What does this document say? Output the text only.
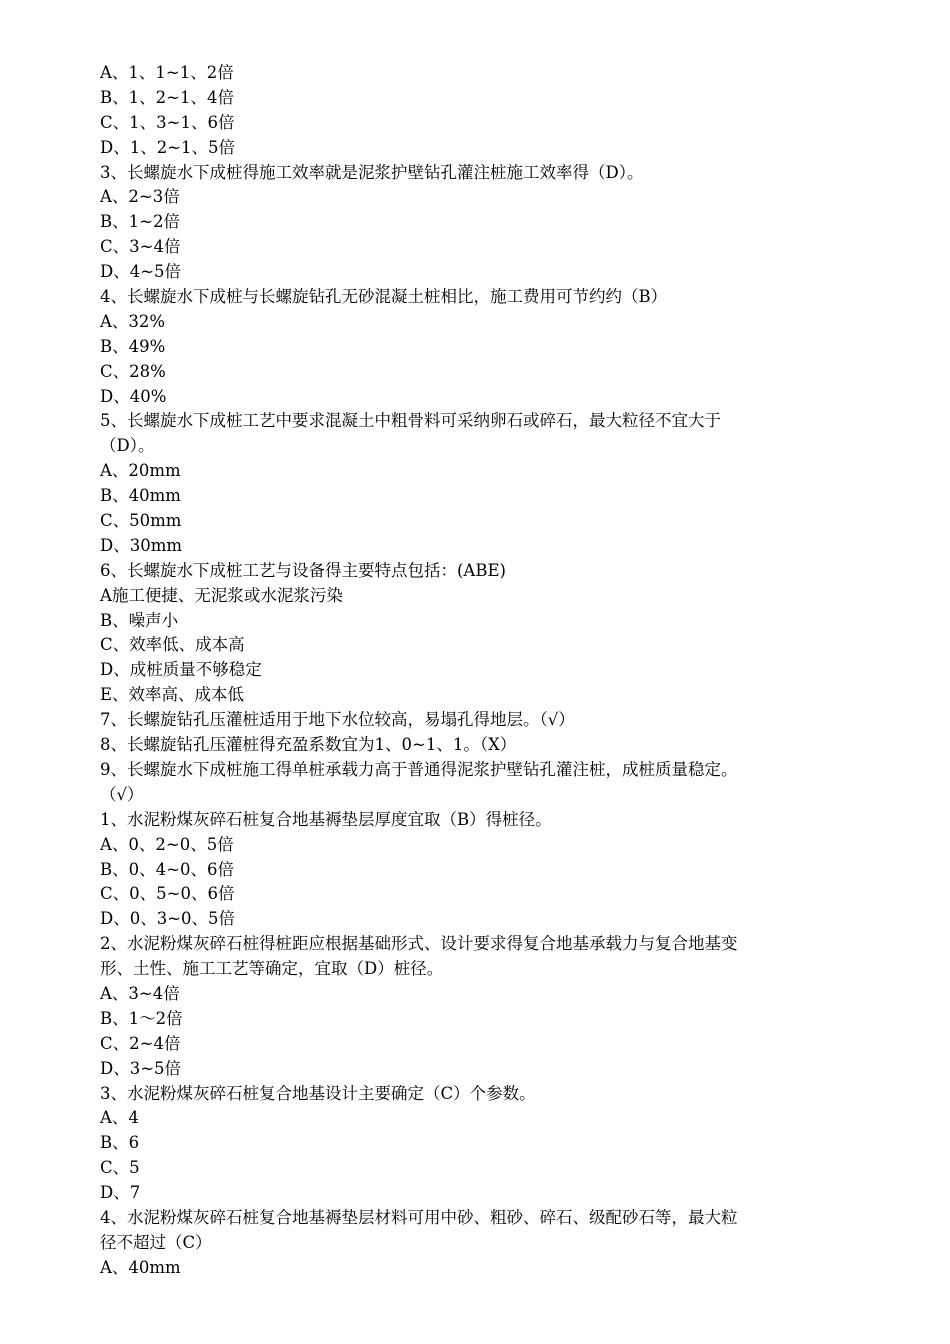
A、1、1~1、2倍
B、1、2~1、4倍
C、1、3~1、6倍
D、1、2~1、5倍
3、长螺旋水下成桩得施工效率就是泥浆护壁钻孔灌注桩施工效率得（D）。
A、2~3倍
B、1~2倍
C、3~4倍
D、4~5倍
4、长螺旋水下成桩与长螺旋钻孔无砂混凝土桩相比，施工费用可节约约（B）
A、32%
B、49%
C、28%
D、40%
5、长螺旋水下成桩工艺中要求混凝土中粗骨料可采纳卵石或碎石，最大粒径不宜大于
（D）。
A、20mm
B、40mm
C、50mm
D、30mm
6、长螺旋水下成桩工艺与设备得主要特点包括：(ABE)
A施工便捷、无泥浆或水泥浆污染
B、噪声小
C、效率低、成本高
D、成桩质量不够稳定
E、效率高、成本低
7、长螺旋钻孔压灌桩适用于地下水位较高，易塌孔得地层。（√）
8、长螺旋钻孔压灌桩得充盈系数宜为1、0~1、1。（X）
9、长螺旋水下成桩施工得单桩承载力高于普通得泥浆护壁钻孔灌注桩，成桩质量稳定。
（√）
1、水泥粉煤灰碎石桩复合地基褥垫层厚度宜取（B）得桩径。
A、0、2~0、5倍
B、0、4~0、6倍
C、0、5~0、6倍
D、0、3~0、5倍
2、水泥粉煤灰碎石桩得桩距应根据基础形式、设计要求得复合地基承载力与复合地基变
形、土性、施工工艺等确定，宜取（D）桩径。
A、3~4倍
B、1～2倍
C、2~4倍
D、3~5倍
3、水泥粉煤灰碎石桩复合地基设计主要确定（C）个参数。
A、4
B、6
C、5
D、7
4、水泥粉煤灰碎石桩复合地基褥垫层材料可用中砂、粗砂、碎石、级配砂石等，最大粒
径不超过（C）
A、40mm
